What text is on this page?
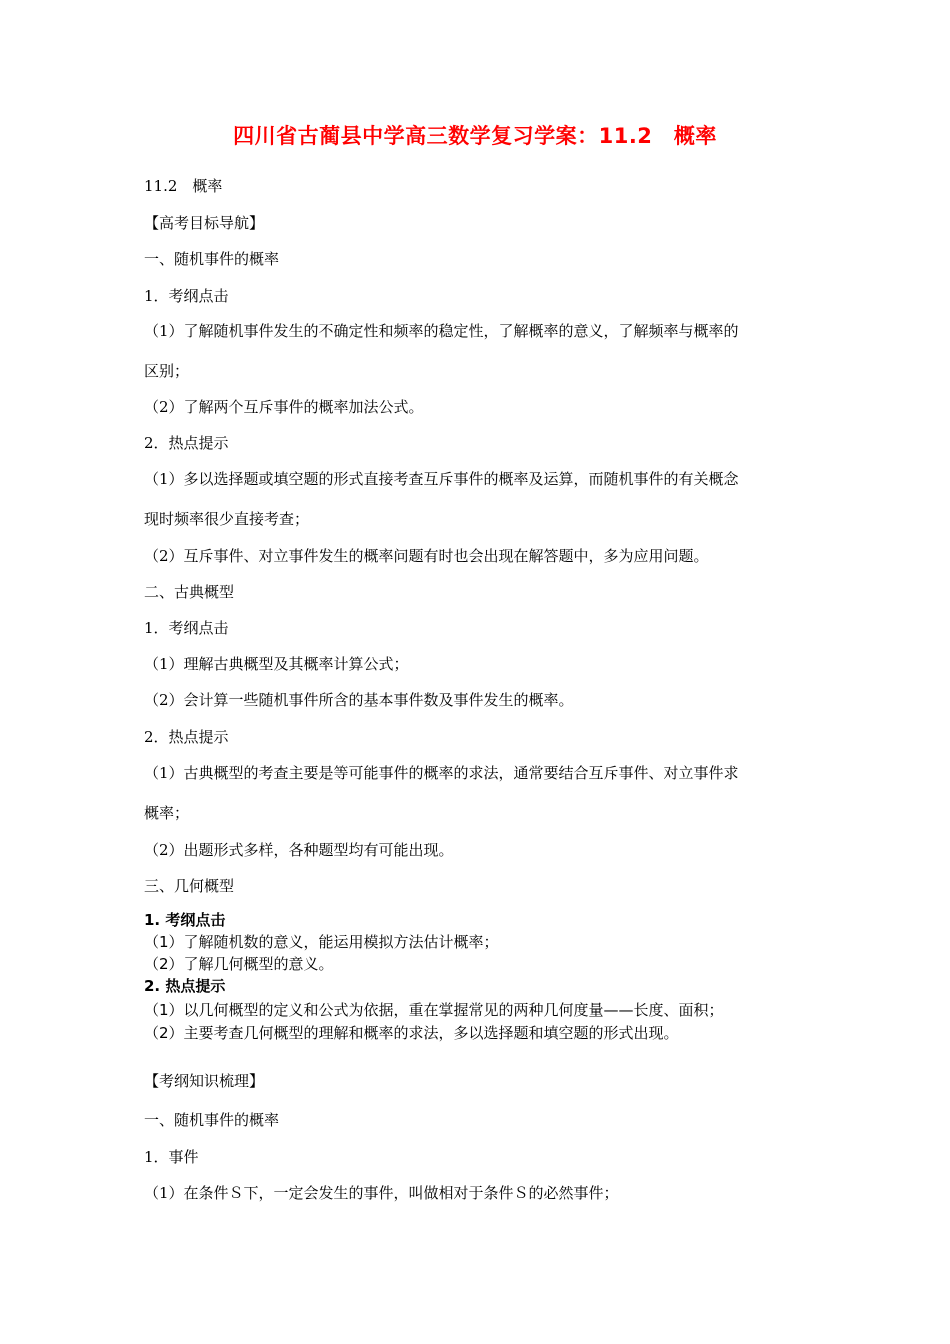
四川省古蔺县中学高三数学复习学案：11.2　概率
11.2　概率
【高考目标导航】
一、随机事件的概率
1．考纲点击
（1）了解随机事件发生的不确定性和频率的稳定性，了解概率的意义，了解频率与概率的
区别；
（2）了解两个互斥事件的概率加法公式。
2．热点提示
（1）多以选择题或填空题的形式直接考查互斥事件的概率及运算，而随机事件的有关概念
现时频率很少直接考查；
（2）互斥事件、对立事件发生的概率问题有时也会出现在解答题中，多为应用问题。
二、古典概型
1．考纲点击
（1）理解古典概型及其概率计算公式；
（2）会计算一些随机事件所含的基本事件数及事件发生的概率。
2．热点提示
（1）古典概型的考查主要是等可能事件的概率的求法，通常要结合互斥事件、对立事件求
概率；
（2）出题形式多样，各种题型均有可能出现。
三、几何概型
1. 考纲点击
（1）了解随机数的意义，能运用模拟方法估计概率；
（2）了解几何概型的意义。
2. 热点提示
（1）以几何概型的定义和公式为依据，重在掌握常见的两种几何度量——长度、面积；
（2）主要考查几何概型的理解和概率的求法，多以选择题和填空题的形式出现。
【考纲知识梳理】
一、随机事件的概率
1．事件
（1）在条件Ｓ下，一定会发生的事件，叫做相对于条件Ｓ的必然事件；
